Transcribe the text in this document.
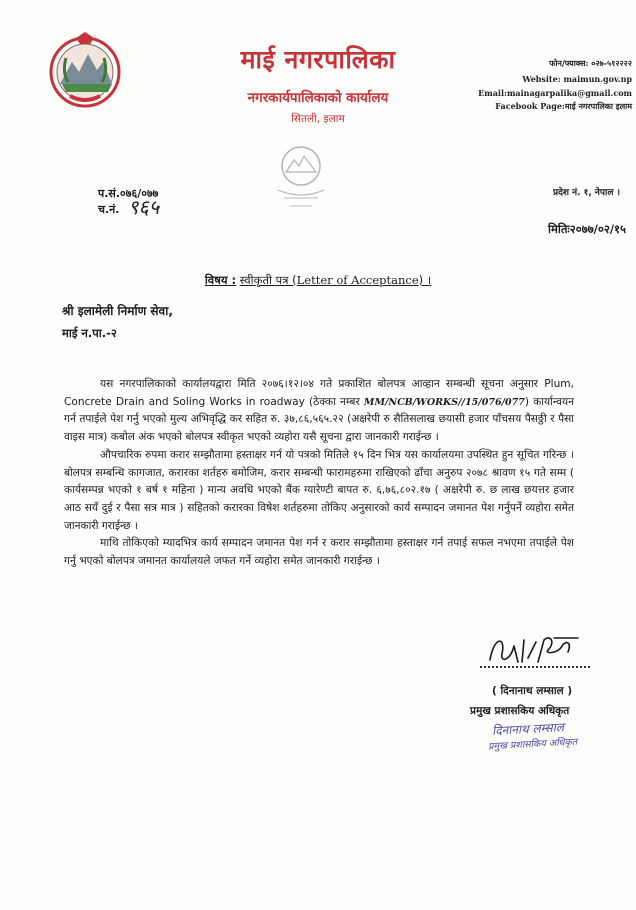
माई नगरपालिका
नगरकार्यपालिकाको कार्यालय
सितली, इलाम
फोन/फ्याक्स: ०२७-५१२२२२
Website: maimun.gov.np
Email:mainagarpalika@gmail.com
Facebook Page:माई नगरपालिका इलाम
प.सं.०७६/०७७
च.नं. ९६५
प्रदेश नं. १, नेपाल ।
मितिः२०७७/०२/१५
विषय : स्वीकृती पत्र (Letter of Acceptance) ।
श्री इलामेली निर्माण सेवा,
माई न.पा.-२

यस नगरपालिकाको कार्यालयद्वारा मिति २०७६।१२।०४ गते प्रकाशित बोलपत्र आव्हान सम्बन्धी सूचना अनुसार Plum, Concrete Drain and Soling Works in roadway (ठेक्का नम्बर MM/NCB/WORKS//15/076/077) कार्यान्वयन गर्न तपाईले पेश गर्नु भएको मुल्य अभिवृद्धि कर सहित रु. ३७,८६,५६५.२२ (अक्षरेपी रु सैतिसलाख छयासी हजार पाँचसय पैसठ्ठी र पैसा वाइस मात्र) कबोल अंक भएको बोलपत्र स्वीकृत भएको व्यहोरा यसै सूचना द्वारा जानकारी गराईन्छ ।

औपचारिक रुपमा करार सम्झौतामा हस्ताक्षर गर्न यो पत्रको मितिले १५ दिन भित्र यस कार्यालयमा उपस्थित हुन सूचित गरिन्छ । बोलपत्र सम्बन्धि कागजात, करारका शर्तहरु बमोजिम, करार सम्बन्धी फारामहरुमा राखिएको ढाँचा अनुरुप २०७८ श्रावण १५ गते सम्म ( कार्यसम्पन्न भएको १ बर्ष १ महिना ) मान्य अवधि भएको बैंक ग्यारेण्टी बापत रु. ६,७६,८०२.१७ ( अक्षरेपी रु. छ लाख छयत्तर हजार आठ सयँ दुई र पैसा सत्र मात्र ) सहितको करारका विषेश शर्तहरुमा तोकिए अनुसारको कार्य सम्पादन जमानत पेश गर्नुपर्ने व्यहोरा समेत जानकारी गराईन्छ ।

माथि तोकिएको म्यादभित्र कार्य सम्पादन जमानत पेश गर्न र करार सम्झौतामा हस्ताक्षर गर्न तपाई सफल नभएमा तपाईले पेश गर्नु भएको बोलपत्र जमानत कार्यालयले जफत गर्ने व्यहोरा समेत जानकारी गराईन्छ ।

( दिनानाथ लम्साल )
प्रमुख प्रशासकिय अधिकृत
दिनानाथ लम्साल
प्रमुख प्रशासकिय अधिकृत
